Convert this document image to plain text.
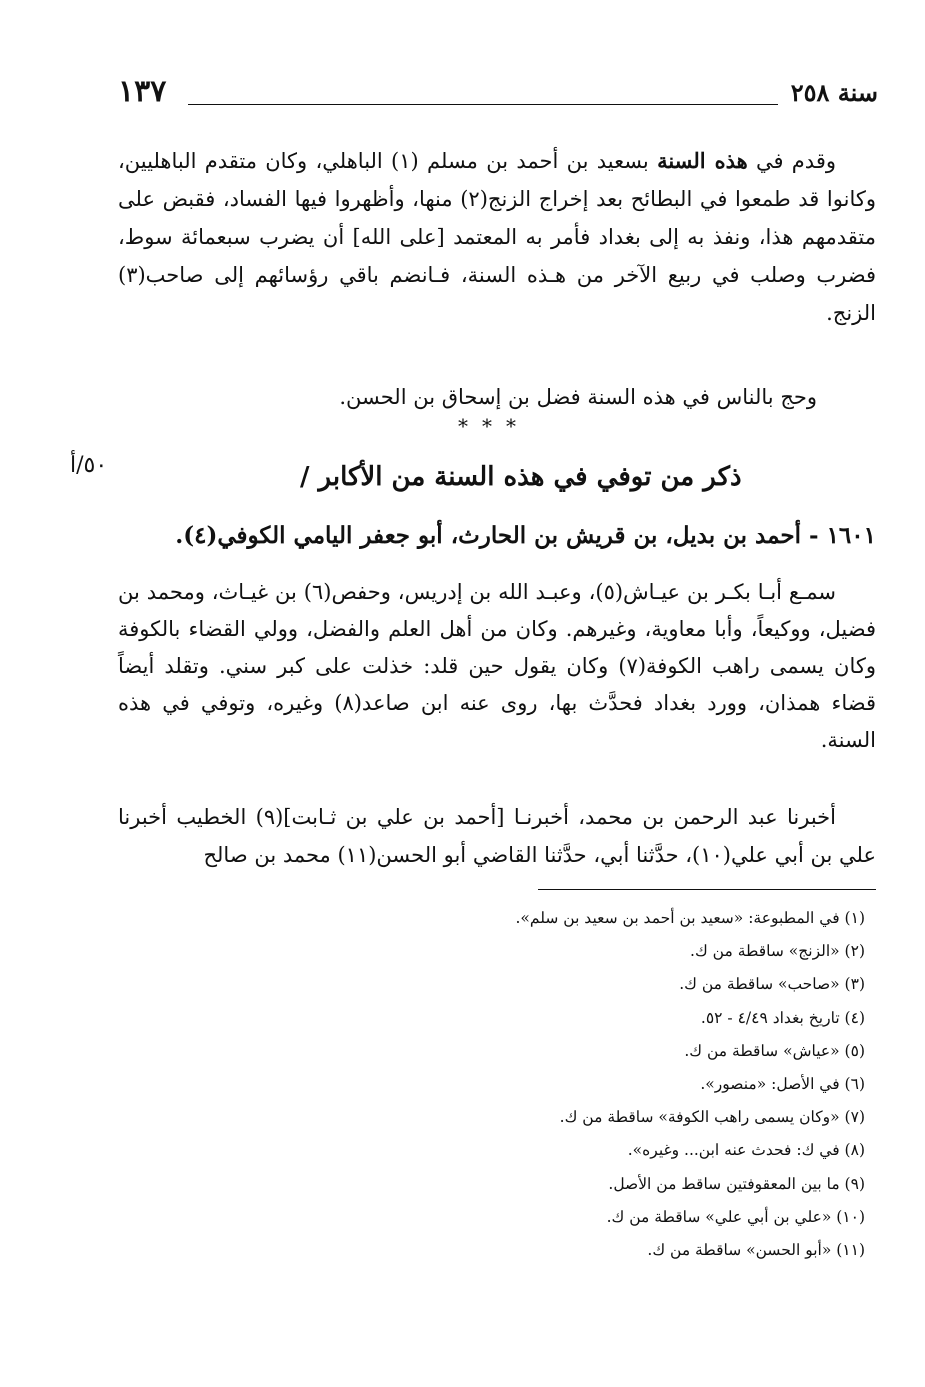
سنة ٢٥٨
١٣٧
٥٠/أ

وقدم في هذه السنة بسعيد بن أحمد بن مسلم (١) الباهلي، وكان متقدم الباهليين، وكانوا قد طمعوا في البطائح بعد إخراج الزنج(٢) منها، وأظهروا فيها الفساد، فقبض على متقدمهم هذا، ونفذ به إلى بغداد فأمر به المعتمد [على الله] أن يضرب سبعمائة سوط، فضرب وصلب في ربيع الآخر من هـذه السنة، فـانضم باقي رؤسائهم إلى صاحب(٣) الزنج.

وحج بالناس في هذه السنة فضل بن إسحاق بن الحسن.

***
ذكر من توفي في هذه السنة من الأكابر /
١٦٠١ - أحمد بن بديل، بن قريش بن الحارث، أبو جعفر اليامي الكوفي(٤).

سمـع أبـا بكـر بن عيـاش(٥)، وعبـد الله بن إدريس، وحفص(٦) بن غيـاث، ومحمد بن فضيل، ووكيعاً، وأبا معاوية، وغيرهم. وكان من أهل العلم والفضل، وولي القضاء بالكوفة وكان يسمى راهب الكوفة(٧) وكان يقول حين قلد: خذلت على كبر سني. وتقلد أيضاً قضاء همذان، وورد بغداد فحدَّث بها، روى عنه ابن صاعد(٨) وغيره، وتوفي في هذه السنة.

أخبرنا عبد الرحمن بن محمد، أخبرنـا [أحمد بن علي بن ثـابت](٩) الخطيب أخبرنا علي بن أبي علي(١٠)، حدَّثنا أبي، حدَّثنا القاضي أبو الحسن(١١) محمد بن صالح

(١) في المطبوعة: «سعيد بن أحمد بن سعيد بن سلم».
(٢) «الزنج» ساقطة من ك.
(٣) «صاحب» ساقطة من ك.
(٤) تاريخ بغداد ٤/٤٩ - ٥٢.
(٥) «عياش» ساقطة من ك.
(٦) في الأصل: «منصور».
(٧) «وكان يسمى راهب الكوفة» ساقطة من ك.
(٨) في ك: فحدث عنه ابن... وغيره».
(٩) ما بين المعقوفتين ساقط من الأصل.
(١٠) «علي بن أبي علي» ساقطة من ك.
(١١) «أبو الحسن» ساقطة من ك.
